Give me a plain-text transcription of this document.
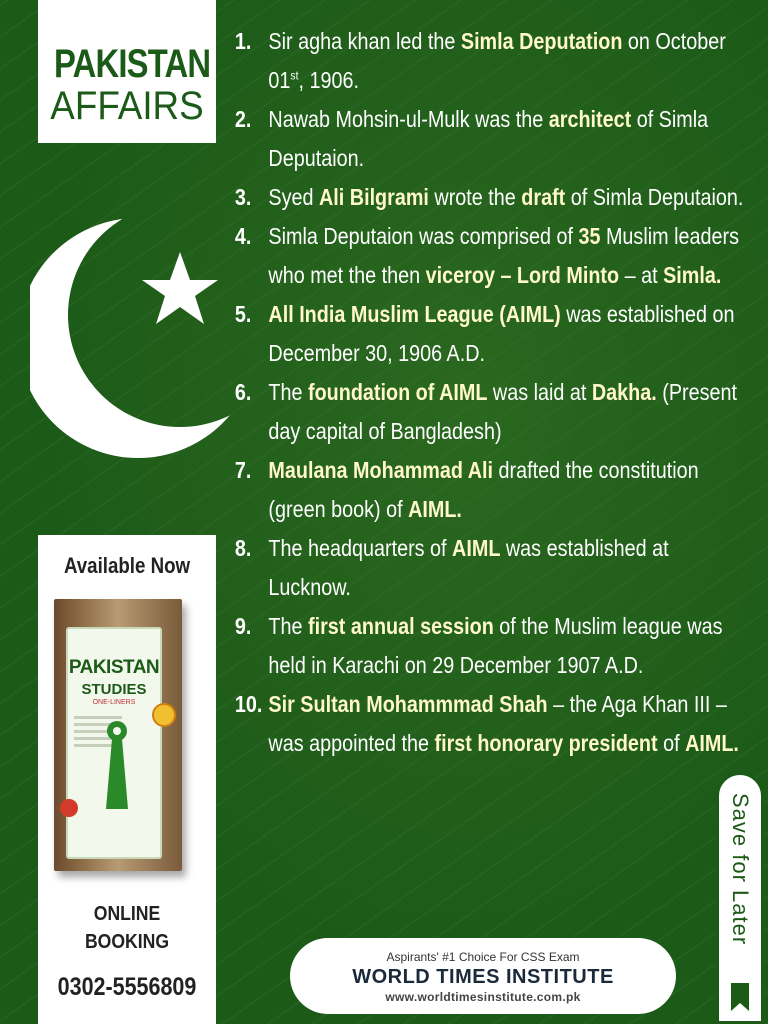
PAKISTAN
AFFAIRS
1. Sir agha khan led the Simla Deputation on October 01st, 1906.
2. Nawab Mohsin-ul-Mulk was the architect of Simla Deputaion.
3. Syed Ali Bilgrami wrote the draft of Simla Deputaion.
4. Simla Deputaion was comprised of 35 Muslim leaders who met the then viceroy – Lord Minto – at Simla.
5. All India Muslim League (AIML) was established on December 30, 1906 A.D.
6. The foundation of AIML was laid at Dakha. (Present day capital of Bangladesh)
7. Maulana Mohammad Ali drafted the constitution (green book) of AIML.
8. The headquarters of AIML was established at Lucknow.
9. The first annual session of the Muslim league was held in Karachi on 29 December 1907 A.D.
10. Sir Sultan Mohammmad Shah – the Aga Khan III – was appointed the first honorary president of AIML.
Available Now
PAKISTAN
STUDIES
ONE-LINERS
ONLINE
BOOKING
0302-5556809
Aspirants' #1 Choice For CSS Exam
WORLD TIMES INSTITUTE
www.worldtimesinstitute.com.pk
Save for Later
